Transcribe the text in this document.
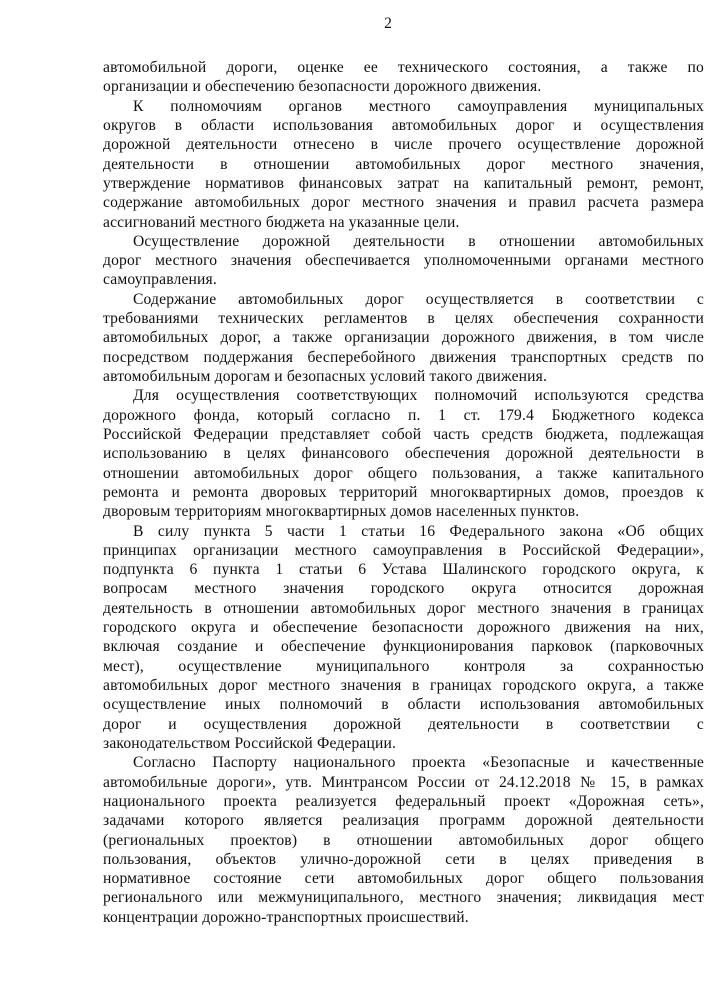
2
автомобильной дороги, оценке ее технического состояния, а также по
организации и обеспечению безопасности дорожного движения.
К полномочиям органов местного самоуправления муниципальных
округов в области использования автомобильных дорог и осуществления
дорожной деятельности отнесено в числе прочего осуществление дорожной
деятельности в отношении автомобильных дорог местного значения,
утверждение нормативов финансовых затрат на капитальный ремонт, ремонт,
содержание автомобильных дорог местного значения и правил расчета размера
ассигнований местного бюджета на указанные цели.
Осуществление дорожной деятельности в отношении автомобильных
дорог местного значения обеспечивается уполномоченными органами местного
самоуправления.
Содержание автомобильных дорог осуществляется в соответствии с
требованиями технических регламентов в целях обеспечения сохранности
автомобильных дорог, а также организации дорожного движения, в том числе
посредством поддержания бесперебойного движения транспортных средств по
автомобильным дорогам и безопасных условий такого движения.
Для осуществления соответствующих полномочий используются средства
дорожного фонда, который согласно п. 1 ст. 179.4 Бюджетного кодекса
Российской Федерации представляет собой часть средств бюджета, подлежащая
использованию в целях финансового обеспечения дорожной деятельности в
отношении автомобильных дорог общего пользования, а также капитального
ремонта и ремонта дворовых территорий многоквартирных домов, проездов к
дворовым территориям многоквартирных домов населенных пунктов.
В силу пункта 5 части 1 статьи 16 Федерального закона «Об общих
принципах организации местного самоуправления в Российской Федерации»,
подпункта 6 пункта 1 статьи 6 Устава Шалинского городского округа, к
вопросам местного значения городского округа относится дорожная
деятельность в отношении автомобильных дорог местного значения в границах
городского округа и обеспечение безопасности дорожного движения на них,
включая создание и обеспечение функционирования парковок (парковочных
мест), осуществление муниципального контроля за сохранностью
автомобильных дорог местного значения в границах городского округа, а также
осуществление иных полномочий в области использования автомобильных
дорог и осуществления дорожной деятельности в соответствии с
законодательством Российской Федерации.
Согласно Паспорту национального проекта «Безопасные и качественные
автомобильные дороги», утв. Минтрансом России от 24.12.2018 № 15, в рамках
национального проекта реализуется федеральный проект «Дорожная сеть»,
задачами которого является реализация программ дорожной деятельности
(региональных проектов) в отношении автомобильных дорог общего
пользования, объектов улично-дорожной сети в целях приведения в
нормативное состояние сети автомобильных дорог общего пользования
регионального или межмуниципального, местного значения; ликвидация мест
концентрации дорожно-транспортных происшествий.
